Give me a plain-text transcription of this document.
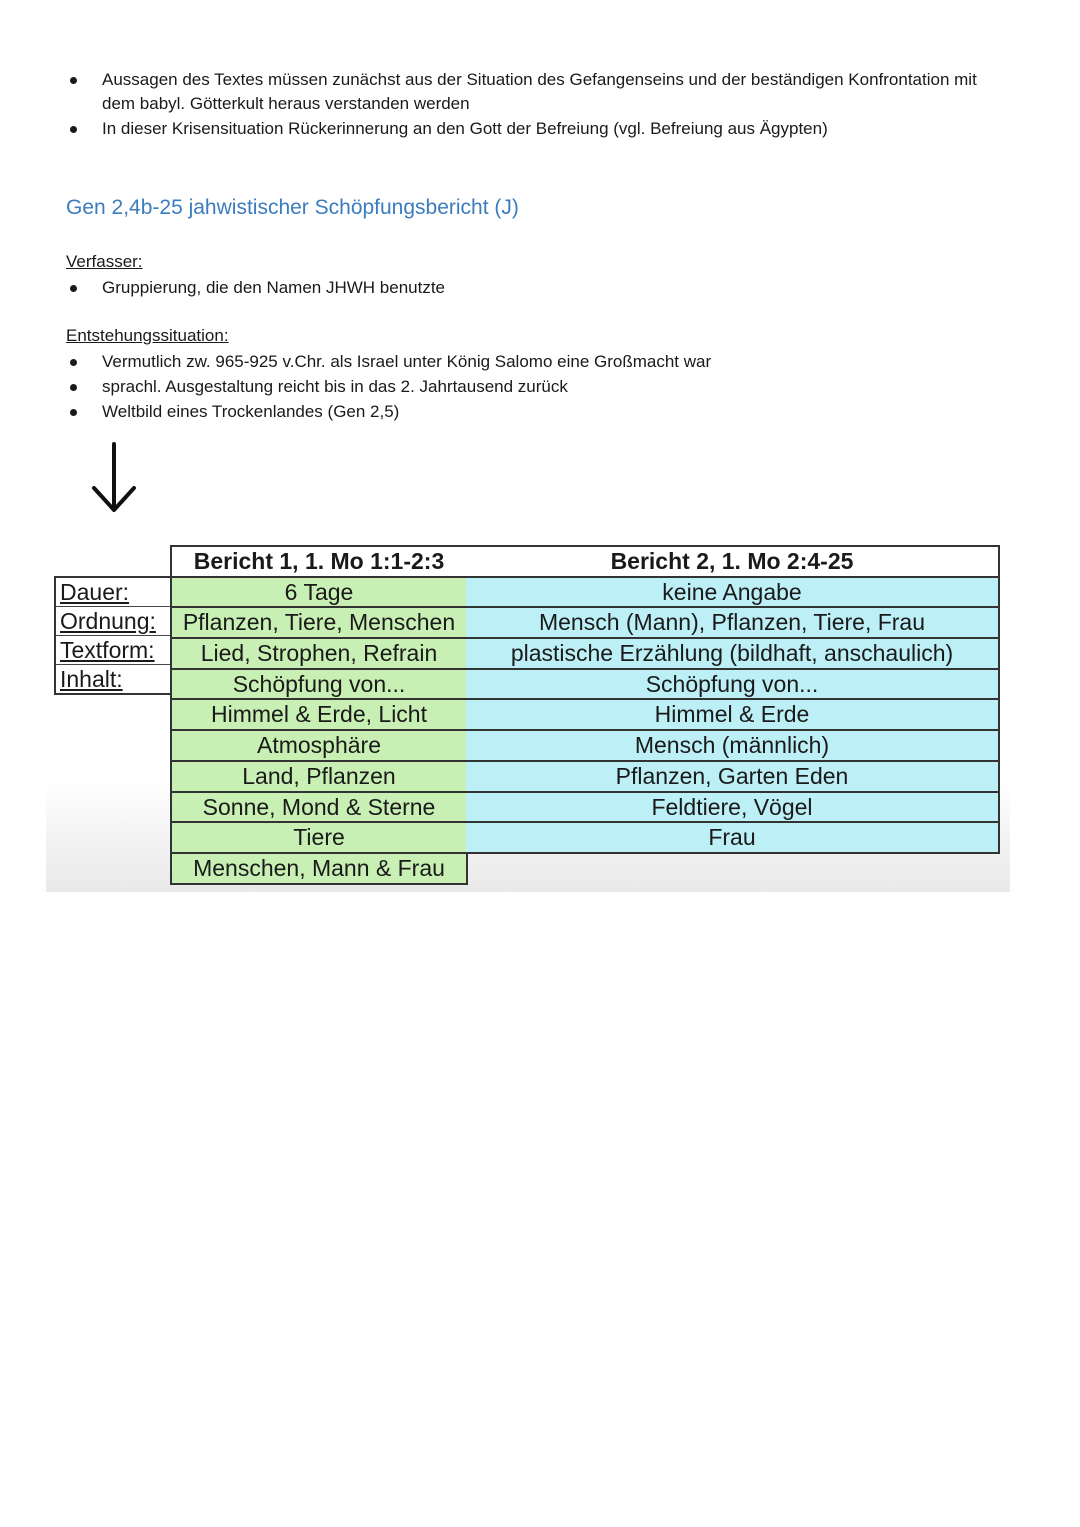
Aussagen des Textes müssen zunächst aus der Situation des Gefangenseins und der beständigen Konfrontation mit dem babyl. Götterkult heraus verstanden werden
In dieser Krisensituation Rückerinnerung an den Gott der Befreiung (vgl. Befreiung aus Ägypten)
Gen 2,4b-25 jahwistischer Schöpfungsbericht (J)

Verfasser:

Gruppierung, die den Namen JHWH benutzte

Entstehungssituation:

Vermutlich zw. 965-925 v.Chr. als Israel unter König Salomo eine Großmacht war
sprachl. Ausgestaltung reicht bis in das 2. Jahrtausend zurück
Weltbild eines Trockenlandes (Gen 2,5)
Dauer:
Ordnung:
Textform:
Inhalt:
Bericht 1, 1. Mo 1:1-2:3
6 Tage
Pflanzen, Tiere, Menschen
Lied, Strophen, Refrain
Schöpfung von...
Himmel & Erde, Licht
Atmosphäre
Land, Pflanzen
Sonne, Mond & Sterne
Tiere
Menschen, Mann & Frau
Bericht 2, 1. Mo 2:4-25
keine Angabe
Mensch (Mann), Pflanzen, Tiere, Frau
plastische Erzählung (bildhaft, anschaulich)
Schöpfung von...
Himmel & Erde
Mensch (männlich)
Pflanzen, Garten Eden
Feldtiere, Vögel
Frau
